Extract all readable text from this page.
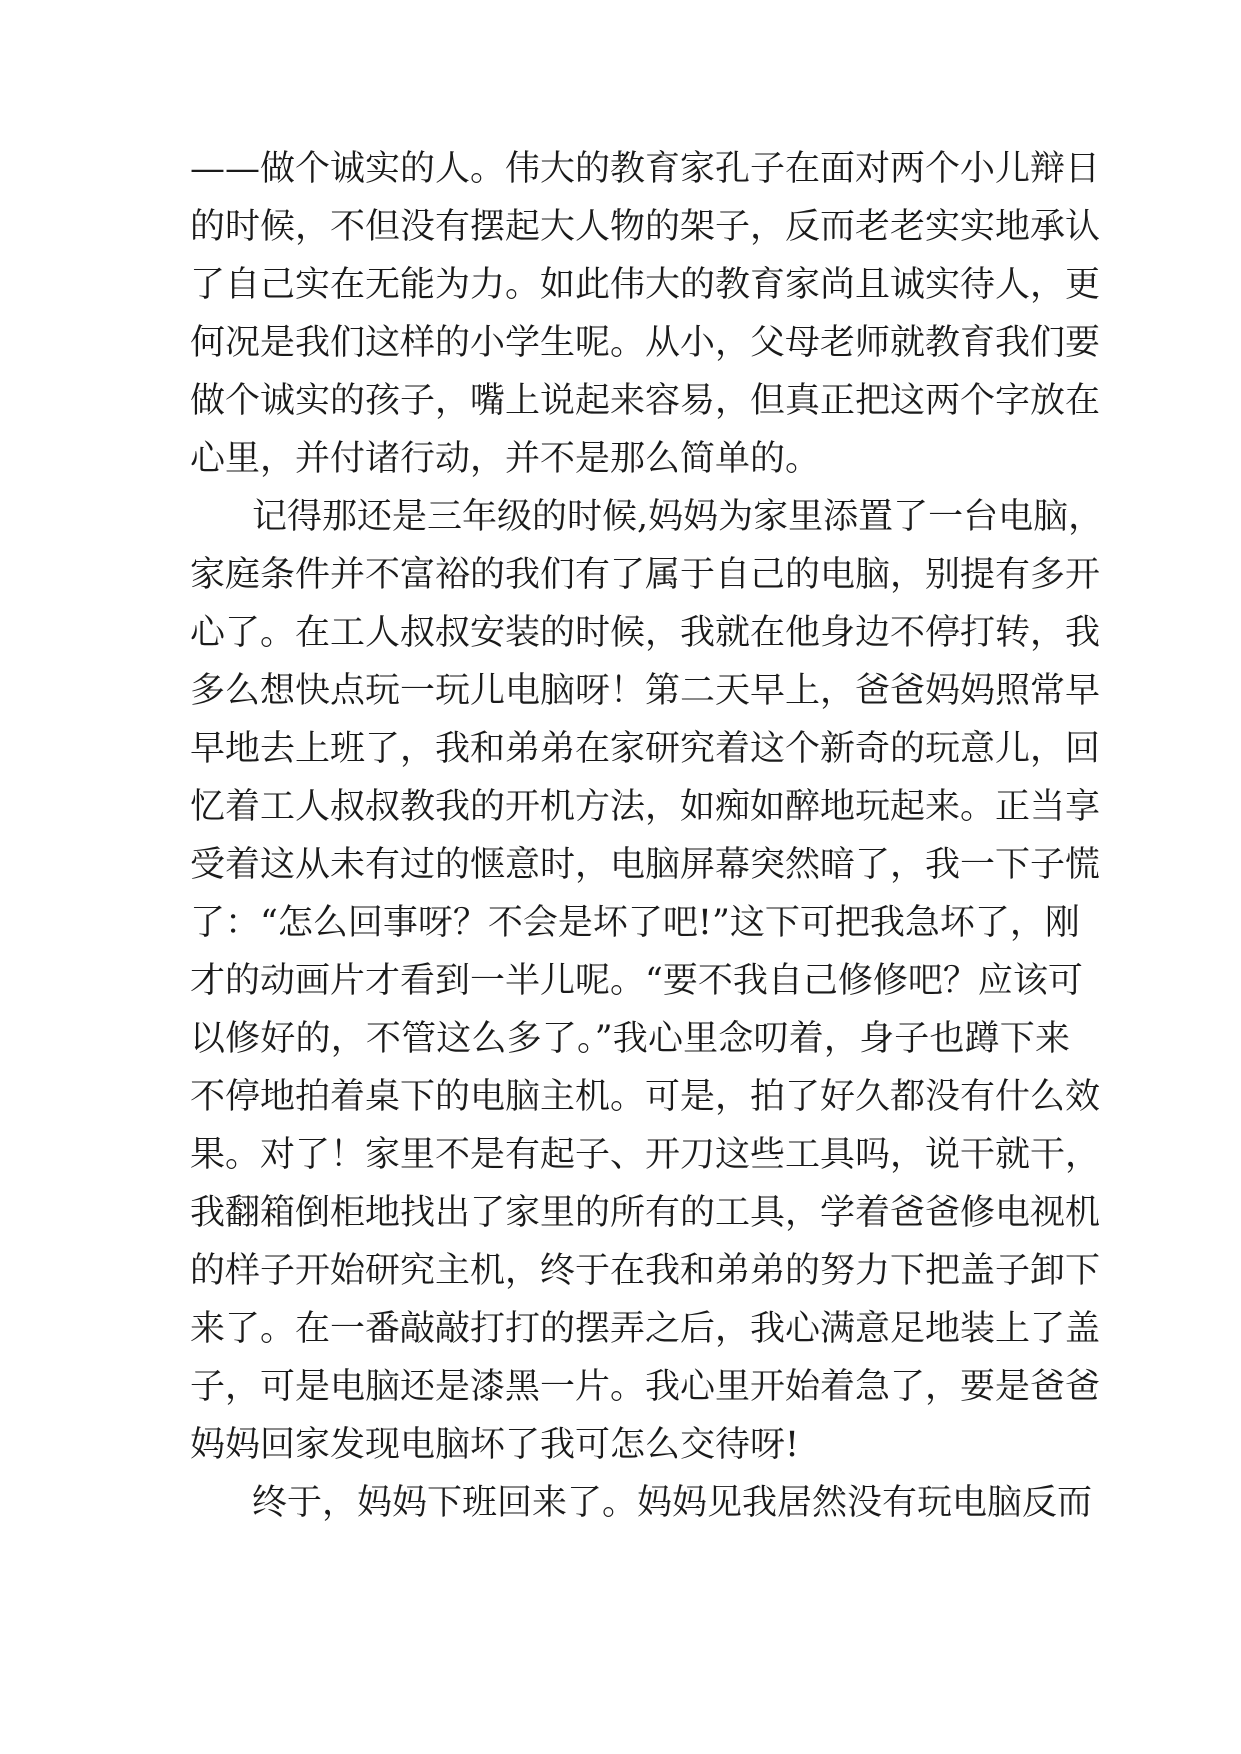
——做个诚实的人。伟大的教育家孔子在面对两个小儿辩日
的时候，不但没有摆起大人物的架子，反而老老实实地承认
了自己实在无能为力。如此伟大的教育家尚且诚实待人，更
何况是我们这样的小学生呢。从小，父母老师就教育我们要
做个诚实的孩子，嘴上说起来容易，但真正把这两个字放在
心里，并付诸行动，并不是那么简单的。
记得那还是三年级的时候,妈妈为家里添置了一台电脑，
家庭条件并不富裕的我们有了属于自己的电脑，别提有多开
心了。在工人叔叔安装的时候，我就在他身边不停打转，我
多么想快点玩一玩儿电脑呀！第二天早上，爸爸妈妈照常早
早地去上班了，我和弟弟在家研究着这个新奇的玩意儿，回
忆着工人叔叔教我的开机方法，如痴如醉地玩起来。正当享
受着这从未有过的惬意时，电脑屏幕突然暗了，我一下子慌
了：“怎么回事呀？不会是坏了吧!”这下可把我急坏了，刚
才的动画片才看到一半儿呢。“要不我自己修修吧？应该可
以修好的，不管这么多了。”我心里念叨着，身子也蹲下来
不停地拍着桌下的电脑主机。可是，拍了好久都没有什么效
果。对了！家里不是有起子、开刀这些工具吗，说干就干，
我翻箱倒柜地找出了家里的所有的工具，学着爸爸修电视机
的样子开始研究主机，终于在我和弟弟的努力下把盖子卸下
来了。在一番敲敲打打的摆弄之后，我心满意足地装上了盖
子，可是电脑还是漆黑一片。我心里开始着急了，要是爸爸
妈妈回家发现电脑坏了我可怎么交待呀!
终于，妈妈下班回来了。妈妈见我居然没有玩电脑反而
